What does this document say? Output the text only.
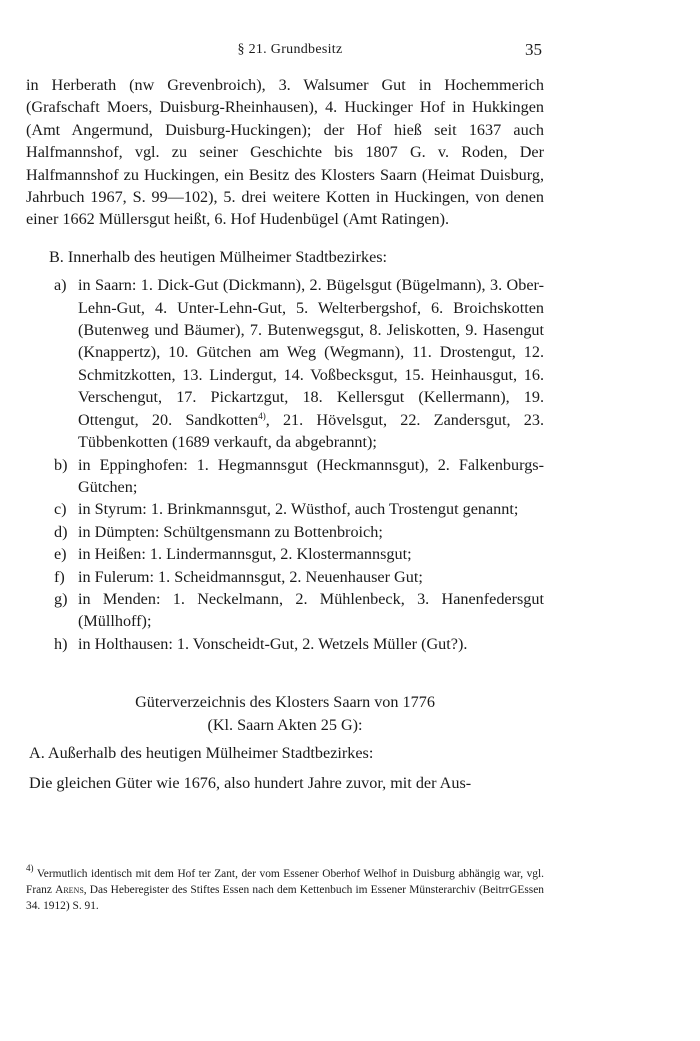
§ 21. Grundbesitz	35

in Herberath (nw Grevenbroich), 3. Walsumer Gut in Hochemmerich (Grafschaft Moers, Duisburg-Rheinhausen), 4. Huckinger Hof in Hukkingen (Amt Angermund, Duisburg-Huckingen); der Hof hieß seit 1637 auch Halfmannshof, vgl. zu seiner Geschichte bis 1807 G. v. Roden, Der Halfmannshof zu Huckingen, ein Besitz des Klosters Saarn (Heimat Duisburg, Jahrbuch 1967, S. 99—102), 5. drei weitere Kotten in Huckingen, von denen einer 1662 Müllersgut heißt, 6. Hof Hudenbügel (Amt Ratingen).

B. Innerhalb des heutigen Mülheimer Stadtbezirkes:

a) in Saarn: 1. Dick-Gut (Dickmann), 2. Bügelsgut (Bügelmann), 3. Ober-Lehn-Gut, 4. Unter-Lehn-Gut, 5. Welterbergshof, 6. Broichskotten (Butenweg und Bäumer), 7. Butenwegsgut, 8. Jeliskotten, 9. Hasengut (Knappertz), 10. Gütchen am Weg (Wegmann), 11. Drostengut, 12. Schmitzkotten, 13. Lindergut, 14. Voßbecksgut, 15. Heinhausgut, 16. Verschengut, 17. Pickartzgut, 18. Kellersgut (Kellermann), 19. Ottengut, 20. Sandkotten$^{4)}$, 21. Hövelsgut, 22. Zandersgut, 23. Tübbenkotten (1689 verkauft, da abgebrannt);
b) in Eppinghofen: 1. Hegmannsgut (Heckmannsgut), 2. Falkenburgs-Gütchen;
c) in Styrum: 1. Brinkmannsgut, 2. Wüsthof, auch Trostengut genannt;
d) in Dümpten: Schültgensmann zu Bottenbroich;
e) in Heißen: 1. Lindermannsgut, 2. Klostermannsgut;
f) in Fulerum: 1. Scheidmannsgut, 2. Neuenhauser Gut;
g) in Menden: 1. Neckelmann, 2. Mühlenbeck, 3. Hanenfedersgut (Müllhoff);
h) in Holthausen: 1. Vonscheidt-Gut, 2. Wetzels Müller (Gut?).
Güterverzeichnis des Klosters Saarn von 1776
(Kl. Saarn Akten 25 G):

A. Außerhalb des heutigen Mülheimer Stadtbezirkes:

Die gleichen Güter wie 1676, also hundert Jahre zuvor, mit der Aus-

$^{4)}$ Vermutlich identisch mit dem Hof ter Zant, der vom Essener Oberhof Welhof in Duisburg abhängig war, vgl. Franz Arens, Das Heberegister des Stiftes Essen nach dem Kettenbuch im Essener Münsterarchiv (BeitrrGEssen 34. 1912) S. 91.
